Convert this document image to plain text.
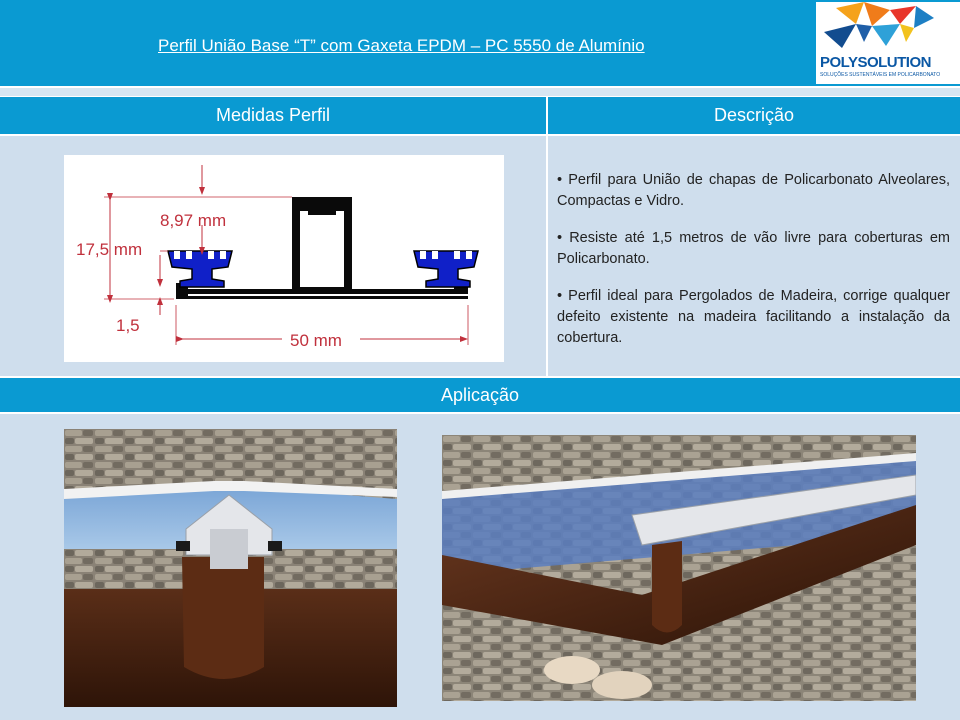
Perfil União Base “T” com Gaxeta EPDM – PC 5550 de Alumínio
POLYSOLUTION
SOLUÇÕES SUSTENTÁVEIS EM POLICARBONATO
Medidas Perfil	Descrição
8,97 mm
17,5 mm
1,5
50 mm

• Perfil para União de chapas de Policarbonato Alveolares, Compactas e Vidro.

• Resiste até 1,5 metros de vão livre para coberturas em Policarbonato.

• Perfil ideal para Pergolados de Madeira, corrige qualquer defeito existente na madeira facilitando a instalação da cobertura.

Aplicação
